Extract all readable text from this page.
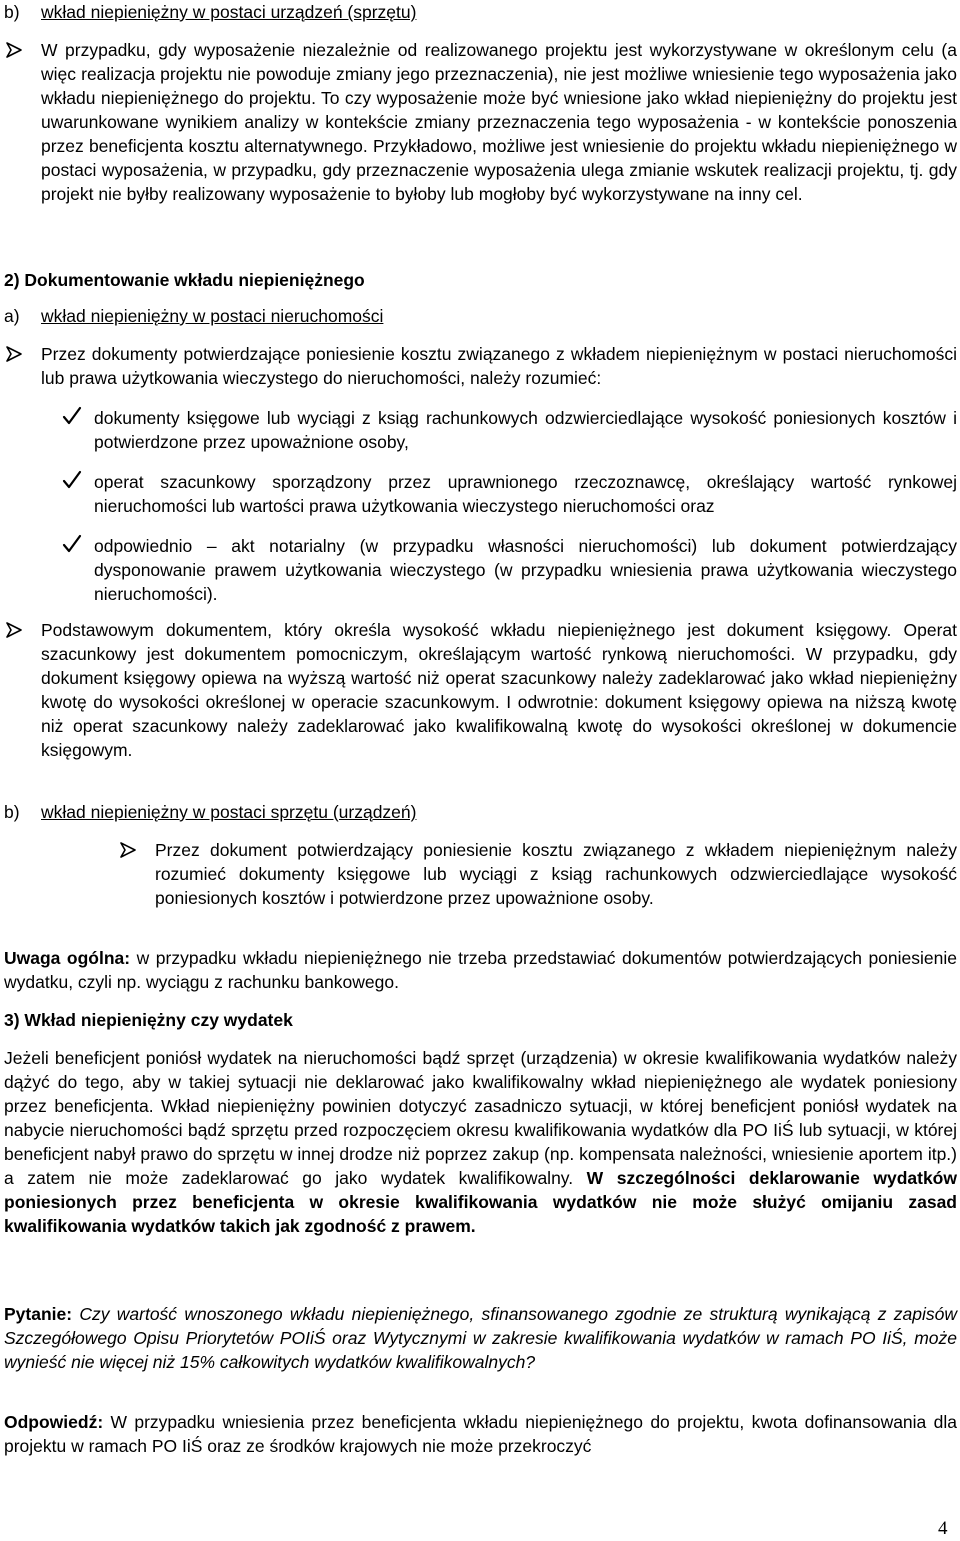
b) wkład niepieniężny w postaci urządzeń (sprzętu)

W przypadku, gdy wyposażenie niezależnie od realizowanego projektu jest wykorzystywane w określonym celu (a więc realizacja projektu nie powoduje zmiany jego przeznaczenia), nie jest możliwe wniesienie tego wyposażenia jako wkładu niepieniężnego do projektu. To czy wyposażenie może być wniesione jako wkład niepieniężny do projektu jest uwarunkowane wynikiem analizy w kontekście zmiany przeznaczenia tego wyposażenia - w kontekście ponoszenia przez beneficjenta kosztu alternatywnego. Przykładowo, możliwe jest wniesienie do projektu wkładu niepieniężnego w postaci wyposażenia, w przypadku, gdy przeznaczenie wyposażenia ulega zmianie wskutek realizacji projektu, tj. gdy projekt nie byłby realizowany wyposażenie to byłoby lub mogłoby być wykorzystywane na inny cel.

2) Dokumentowanie wkładu niepieniężnego
a) wkład niepieniężny w postaci nieruchomości

Przez dokumenty potwierdzające poniesienie kosztu związanego z wkładem niepieniężnym w postaci nieruchomości lub prawa użytkowania wieczystego do nieruchomości, należy rozumieć:

dokumenty księgowe lub wyciągi z ksiąg rachunkowych odzwierciedlające wysokość poniesionych kosztów i potwierdzone przez upoważnione osoby,

operat szacunkowy sporządzony przez uprawnionego rzeczoznawcę, określający wartość rynkowej nieruchomości lub wartości prawa użytkowania wieczystego nieruchomości oraz

odpowiednio – akt notarialny (w przypadku własności nieruchomości) lub dokument potwierdzający dysponowanie prawem użytkowania wieczystego (w przypadku wniesienia prawa użytkowania wieczystego nieruchomości).

Podstawowym dokumentem, który określa wysokość wkładu niepieniężnego jest dokument księgowy. Operat szacunkowy jest dokumentem pomocniczym, określającym wartość rynkową nieruchomości. W przypadku, gdy dokument księgowy opiewa na wyższą wartość niż operat szacunkowy należy zadeklarować jako wkład niepieniężny kwotę do wysokości określonej w operacie szacunkowym. I odwrotnie: dokument księgowy opiewa na niższą kwotę niż operat szacunkowy należy zadeklarować jako kwalifikowalną kwotę do wysokości określonej w dokumencie księgowym.

b) wkład niepieniężny w postaci sprzętu (urządzeń)

Przez dokument potwierdzający poniesienie kosztu związanego z wkładem niepieniężnym należy rozumieć dokumenty księgowe lub wyciągi z ksiąg rachunkowych odzwierciedlające wysokość poniesionych kosztów i potwierdzone przez upoważnione osoby.

Uwaga ogólna: w przypadku wkładu niepieniężnego nie trzeba przedstawiać dokumentów potwierdzających poniesienie wydatku, czyli np. wyciągu z rachunku bankowego.

3) Wkład niepieniężny czy wydatek

Jeżeli beneficjent poniósł wydatek na nieruchomości bądź sprzęt (urządzenia) w okresie kwalifikowania wydatków należy dążyć do tego, aby w takiej sytuacji nie deklarować jako kwalifikowalny wkład niepieniężnego ale wydatek poniesiony przez beneficjenta. Wkład niepieniężny powinien dotyczyć zasadniczo sytuacji, w której beneficjent poniósł wydatek na nabycie nieruchomości bądź sprzętu przed rozpoczęciem okresu kwalifikowania wydatków dla PO IiŚ lub sytuacji, w której beneficjent nabył prawo do sprzętu w innej drodze niż poprzez zakup (np. kompensata należności, wniesienie aportem itp.) a zatem nie może zadeklarować go jako wydatek kwalifikowalny. W szczególności deklarowanie wydatków poniesionych przez beneficjenta w okresie kwalifikowania wydatków nie może służyć omijaniu zasad kwalifikowania wydatków takich jak zgodność z prawem.

Pytanie: Czy wartość wnoszonego wkładu niepieniężnego, sfinansowanego zgodnie ze strukturą wynikającą z zapisów Szczegółowego Opisu Priorytetów POIiŚ oraz Wytycznymi w zakresie kwalifikowania wydatków w ramach PO IiŚ, może wynieść nie więcej niż 15% całkowitych wydatków kwalifikowalnych?

Odpowiedź: W przypadku wniesienia przez beneficjenta wkładu niepieniężnego do projektu, kwota dofinansowania dla projektu w ramach PO IiŚ oraz ze środków krajowych nie może przekroczyć

4
